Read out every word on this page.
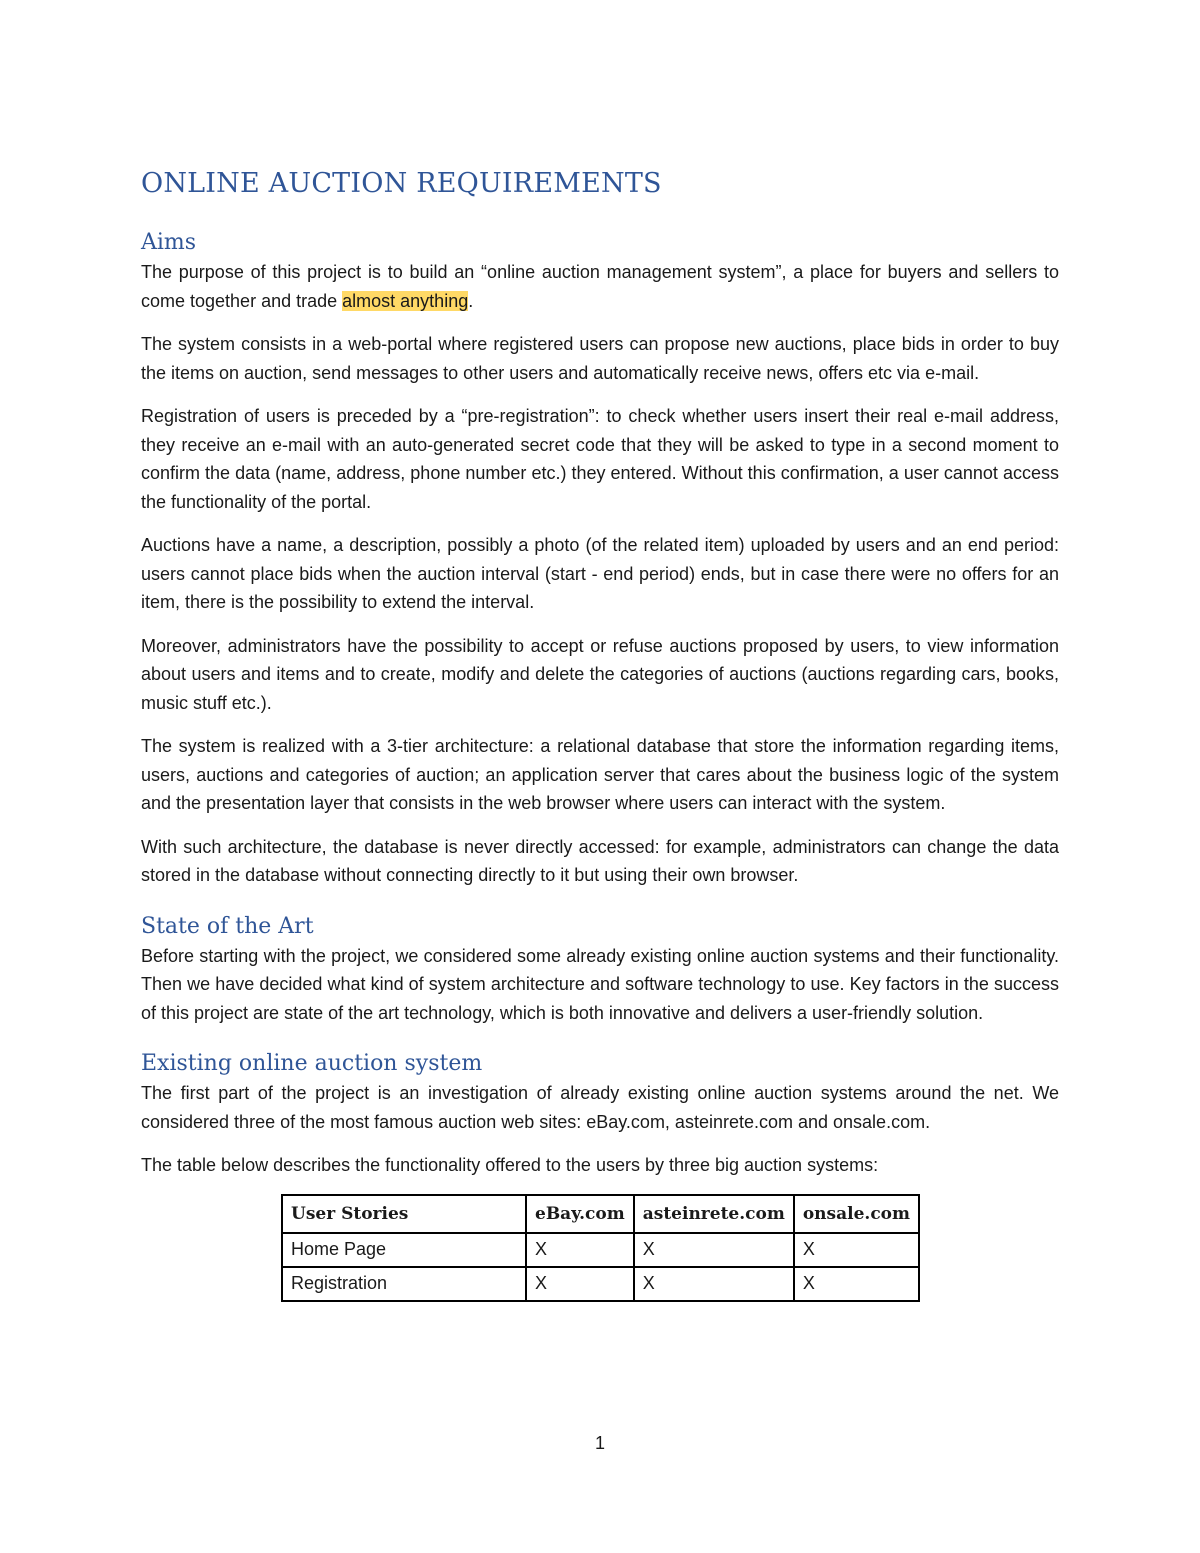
ONLINE AUCTION REQUIREMENTS
Aims

The purpose of this project is to build an “online auction management system”, a place for buyers and sellers to come together and trade almost anything.

The system consists in a web-portal where registered users can propose new auctions, place bids in order to buy the items on auction, send messages to other users and automatically receive news, offers etc via e-mail.

Registration of users is preceded by a “pre-registration”: to check whether users insert their real e-mail address, they receive an e-mail with an auto-generated secret code that they will be asked to type in a second moment to confirm the data (name, address, phone number etc.) they entered. Without this confirmation, a user cannot access the functionality of the portal.

Auctions have a name, a description, possibly a photo (of the related item) uploaded by users and an end period: users cannot place bids when the auction interval (start - end period) ends, but in case there were no offers for an item, there is the possibility to extend the interval.

Moreover, administrators have the possibility to accept or refuse auctions proposed by users, to view information about users and items and to create, modify and delete the categories of auctions (auctions regarding cars, books, music stuff etc.).

The system is realized with a 3-tier architecture: a relational database that store the information regarding items, users, auctions and categories of auction; an application server that cares about the business logic of the system and the presentation layer that consists in the web browser where users can interact with the system.

With such architecture, the database is never directly accessed: for example, administrators can change the data stored in the database without connecting directly to it but using their own browser.

State of the Art

Before starting with the project, we considered some already existing online auction systems and their functionality. Then we have decided what kind of system architecture and software technology to use. Key factors in the success of this project are state of the art technology, which is both innovative and delivers a user-friendly solution.

Existing online auction system

The first part of the project is an investigation of already existing online auction systems around the net. We considered three of the most famous auction web sites: eBay.com, asteinrete.com and onsale.com.

The table below describes the functionality offered to the users by three big auction systems:

User Stories	eBay.com	asteinrete.com	onsale.com
Home Page	X	X	X
Registration	X	X	X
1
